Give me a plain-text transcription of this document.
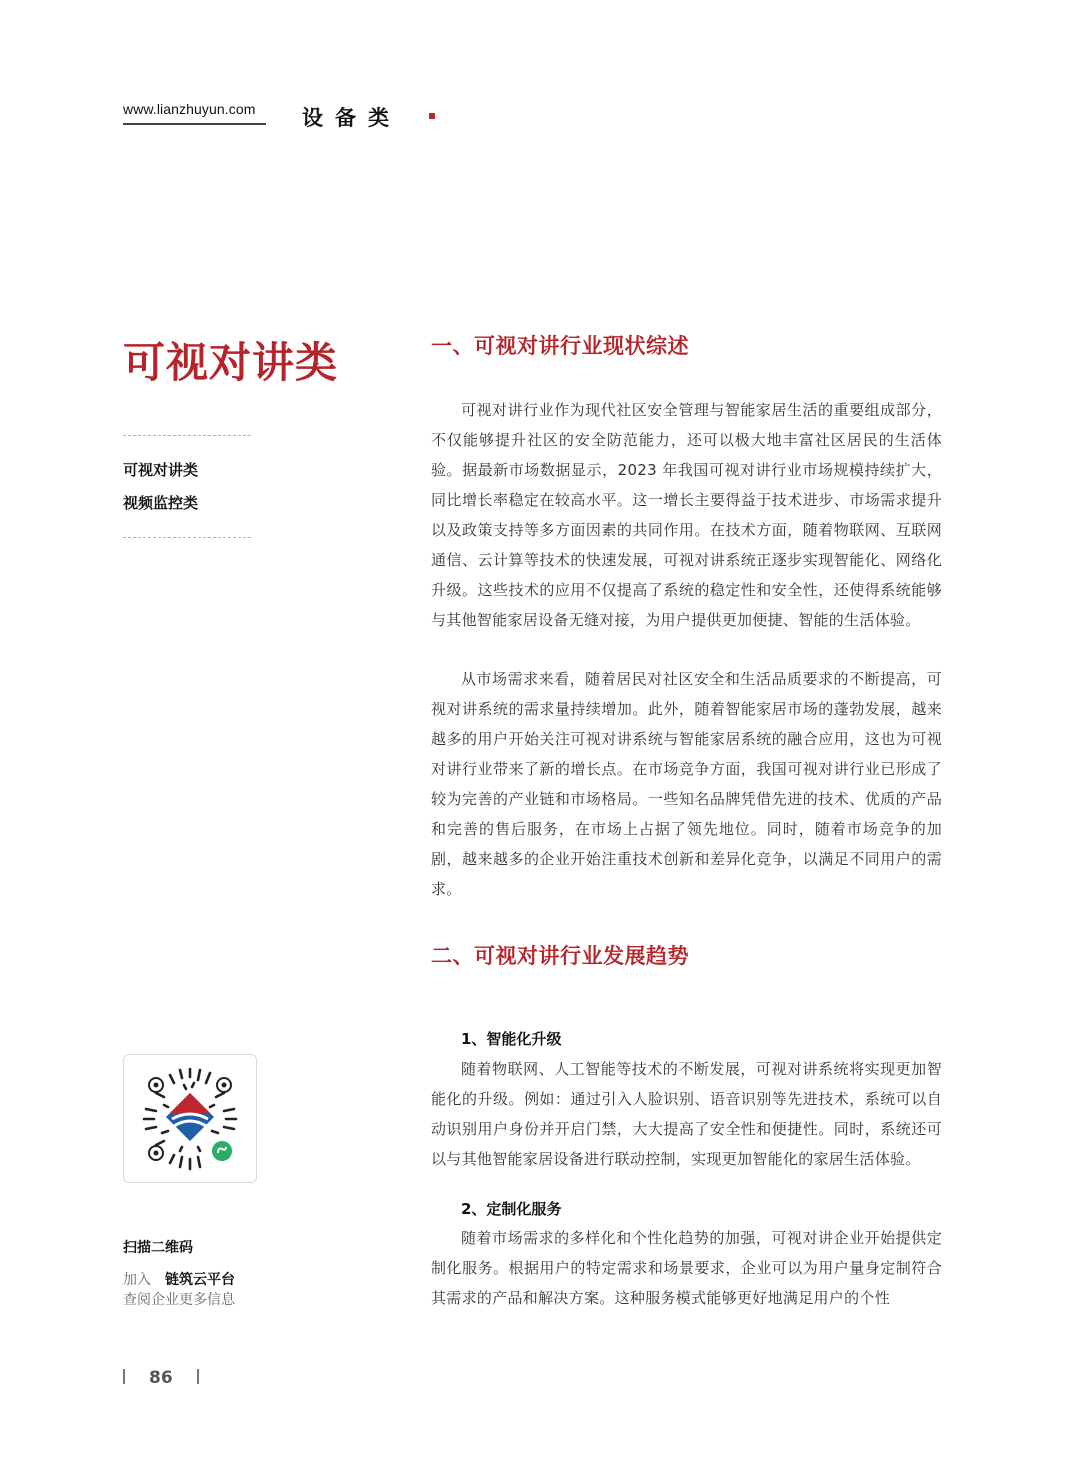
www.lianzhuyun.com	设备类
可视对讲类
可视对讲类
视频监控类
扫描二维码
加入 链筑云平台
查阅企业更多信息
86
一、可视对讲行业现状综述

可视对讲行业作为现代社区安全管理与智能家居生活的重要组成部分，不仅能够提升社区的安全防范能力，还可以极大地丰富社区居民的生活体验。据最新市场数据显示，2023 年我国可视对讲行业市场规模持续扩大，同比增长率稳定在较高水平。这一增长主要得益于技术进步、市场需求提升以及政策支持等多方面因素的共同作用。在技术方面，随着物联网、互联网通信、云计算等技术的快速发展，可视对讲系统正逐步实现智能化、网络化升级。这些技术的应用不仅提高了系统的稳定性和安全性，还使得系统能够与其他智能家居设备无缝对接，为用户提供更加便捷、智能的生活体验。

从市场需求来看，随着居民对社区安全和生活品质要求的不断提高，可视对讲系统的需求量持续增加。此外，随着智能家居市场的蓬勃发展，越来越多的用户开始关注可视对讲系统与智能家居系统的融合应用，这也为可视对讲行业带来了新的增长点。在市场竞争方面，我国可视对讲行业已形成了较为完善的产业链和市场格局。一些知名品牌凭借先进的技术、优质的产品和完善的售后服务，在市场上占据了领先地位。同时，随着市场竞争的加剧，越来越多的企业开始注重技术创新和差异化竞争，以满足不同用户的需求。

二、可视对讲行业发展趋势

1、智能化升级

随着物联网、人工智能等技术的不断发展，可视对讲系统将实现更加智能化的升级。例如：通过引入人脸识别、语音识别等先进技术，系统可以自动识别用户身份并开启门禁，大大提高了安全性和便捷性。同时，系统还可以与其他智能家居设备进行联动控制，实现更加智能化的家居生活体验。

2、定制化服务

随着市场需求的多样化和个性化趋势的加强，可视对讲企业开始提供定制化服务。根据用户的特定需求和场景要求，企业可以为用户量身定制符合其需求的产品和解决方案。这种服务模式能够更好地满足用户的个性
